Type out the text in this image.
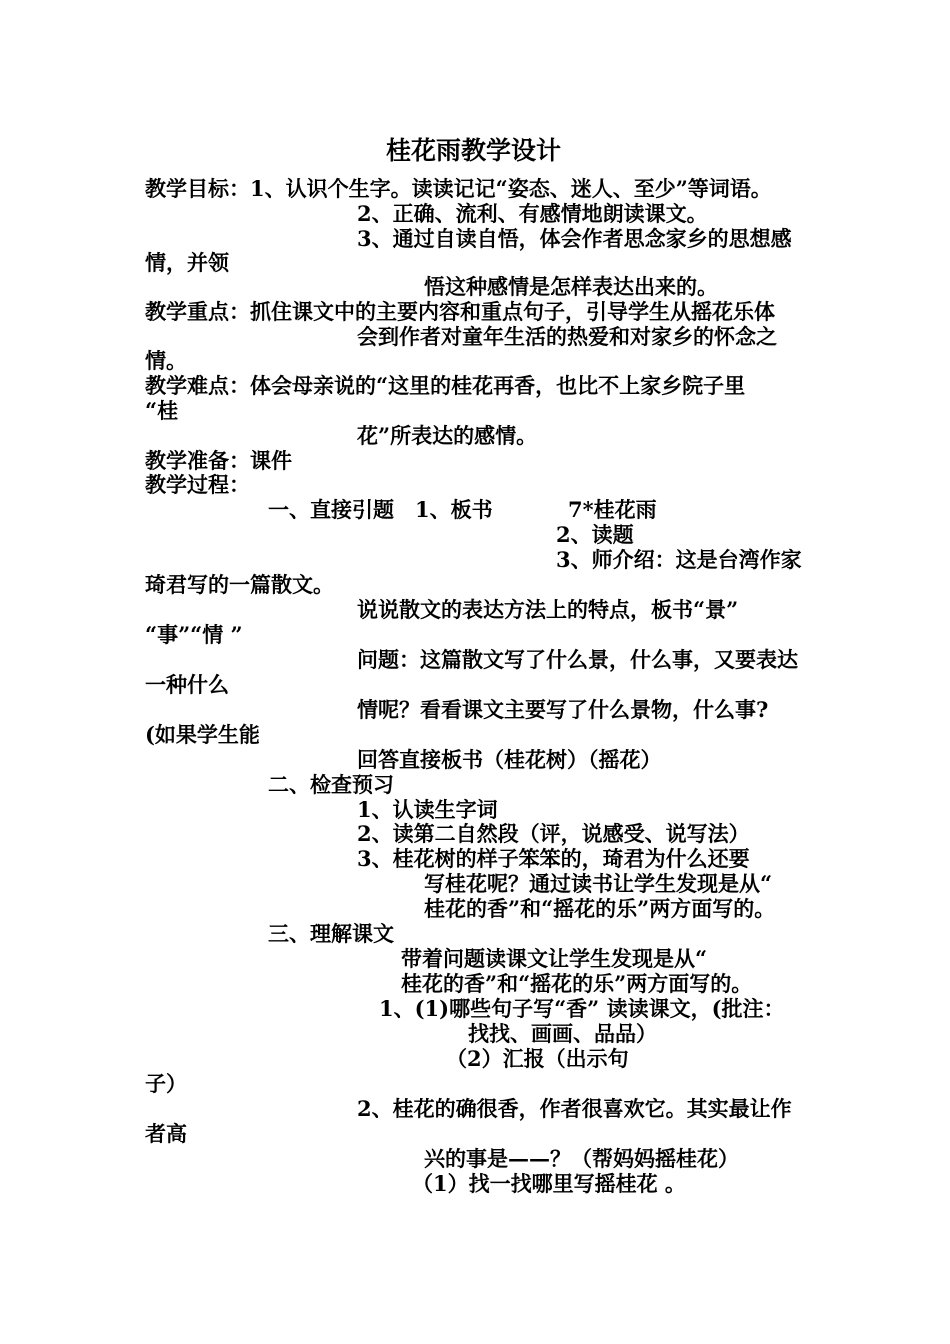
桂花雨教学设计
教学目标：1、认识个生字。读读记记“姿态、迷人、至少”等词语。
2、正确、流利、有感情地朗读课文。
3、通过自读自悟，体会作者思念家乡的思想感
情，并领
悟这种感情是怎样表达出来的。
教学重点：抓住课文中的主要内容和重点句子，引导学生从摇花乐体
会到作者对童年生活的热爱和对家乡的怀念之
情。
教学难点：体会母亲说的“这里的桂花再香，也比不上家乡院子里
“桂
花”所表达的感情。
教学准备：课件
教学过程：
一、直接引题　1、板书	7*桂花雨
2、读题
3、师介绍：这是台湾作家
琦君写的一篇散文。
说说散文的表达方法上的特点，板书“景”
“事”“情 ”
问题：这篇散文写了什么景，什么事，又要表达
一种什么
情呢？看看课文主要写了什么景物，什么事?
(如果学生能
回答直接板书（桂花树）（摇花）
二、检查预习
1、认读生字词
2、读第二自然段（评，说感受、说写法）
3、桂花树的样子笨笨的，琦君为什么还要
写桂花呢？通过读书让学生发现是从“
桂花的香”和“摇花的乐”两方面写的。
三、理解课文
带着问题读课文让学生发现是从“
桂花的香”和“摇花的乐”两方面写的。
1、(1)哪些句子写“香” 读读课文，(批注：
找找、画画、品品）
（2）汇报（出示句
子）
2、桂花的确很香，作者很喜欢它。其实最让作
者高
兴的事是——？（帮妈妈摇桂花）
（1）找一找哪里写摇桂花 。
